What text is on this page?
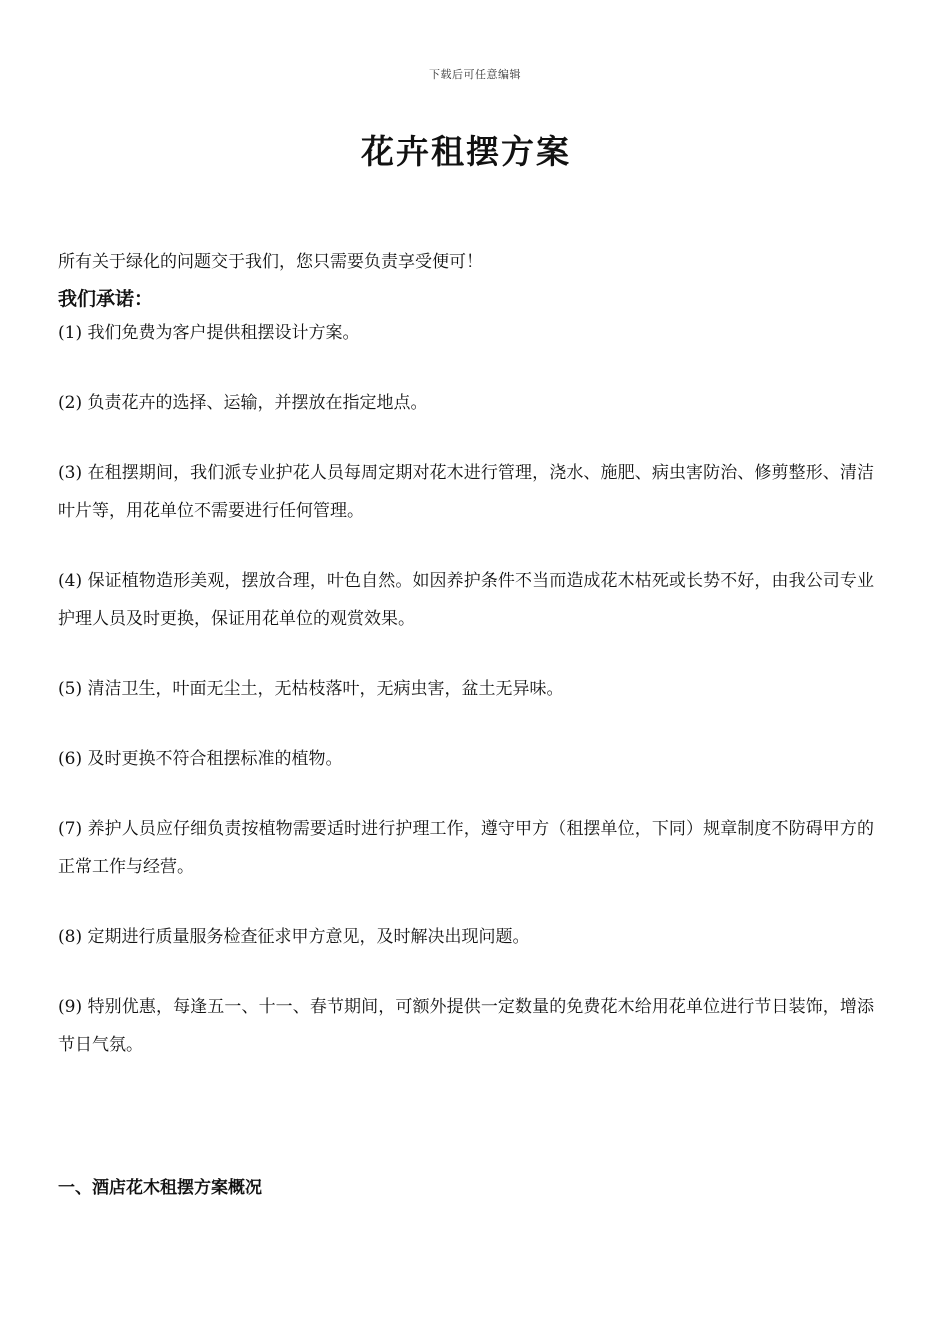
下载后可任意编辑
花卉租摆方案

所有关于绿化的问题交于我们，您只需要负责享受便可！

我们承诺：
(1) 我们免费为客户提供租摆设计方案。
(2) 负责花卉的选择、运输，并摆放在指定地点。
(3) 在租摆期间，我们派专业护花人员每周定期对花木进行管理，浇水、施肥、病虫害防治、修剪整形、清洁叶片等，用花单位不需要进行任何管理。
(4) 保证植物造形美观，摆放合理，叶色自然。如因养护条件不当而造成花木枯死或长势不好，由我公司专业护理人员及时更换，保证用花单位的观赏效果。
(5) 清洁卫生，叶面无尘土，无枯枝落叶，无病虫害，盆土无异味。
(6) 及时更换不符合租摆标准的植物。
(7) 养护人员应仔细负责按植物需要适时进行护理工作，遵守甲方（租摆单位，下同）规章制度不防碍甲方的正常工作与经营。
(8) 定期进行质量服务检查征求甲方意见，及时解决出现问题。
(9) 特别优惠，每逢五一、十一、春节期间，可额外提供一定数量的免费花木给用花单位进行节日装饰，增添节日气氛。
一、酒店花木租摆方案概况
